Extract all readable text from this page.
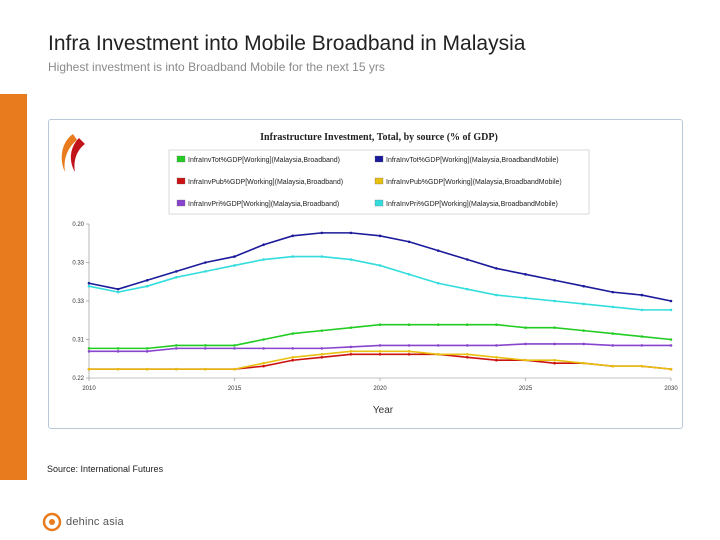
Infra Investment into Mobile Broadband in Malaysia
Highest investment is into Broadband Mobile for the next 15 yrs
Infrastructure Investment, Total, by source (% of GDP)
InfraInvTot%GDP[Working](Malaysia,Broadband)	InfraInvTot%GDP[Working](Malaysia,BroadbandMobile)
InfraInvPub%GDP[Working](Malaysia,Broadband)	InfraInvPub%GDP[Working](Malaysia,BroadbandMobile)
InfraInvPri%GDP[Working](Malaysia,Broadband)	InfraInvPri%GDP[Working](Malaysia,BroadbandMobile)
0.22
0.31
0.33
0.33
0.20
2010	2015	2020	2025	2030
Year
Source: International Futures
dehinc asia
